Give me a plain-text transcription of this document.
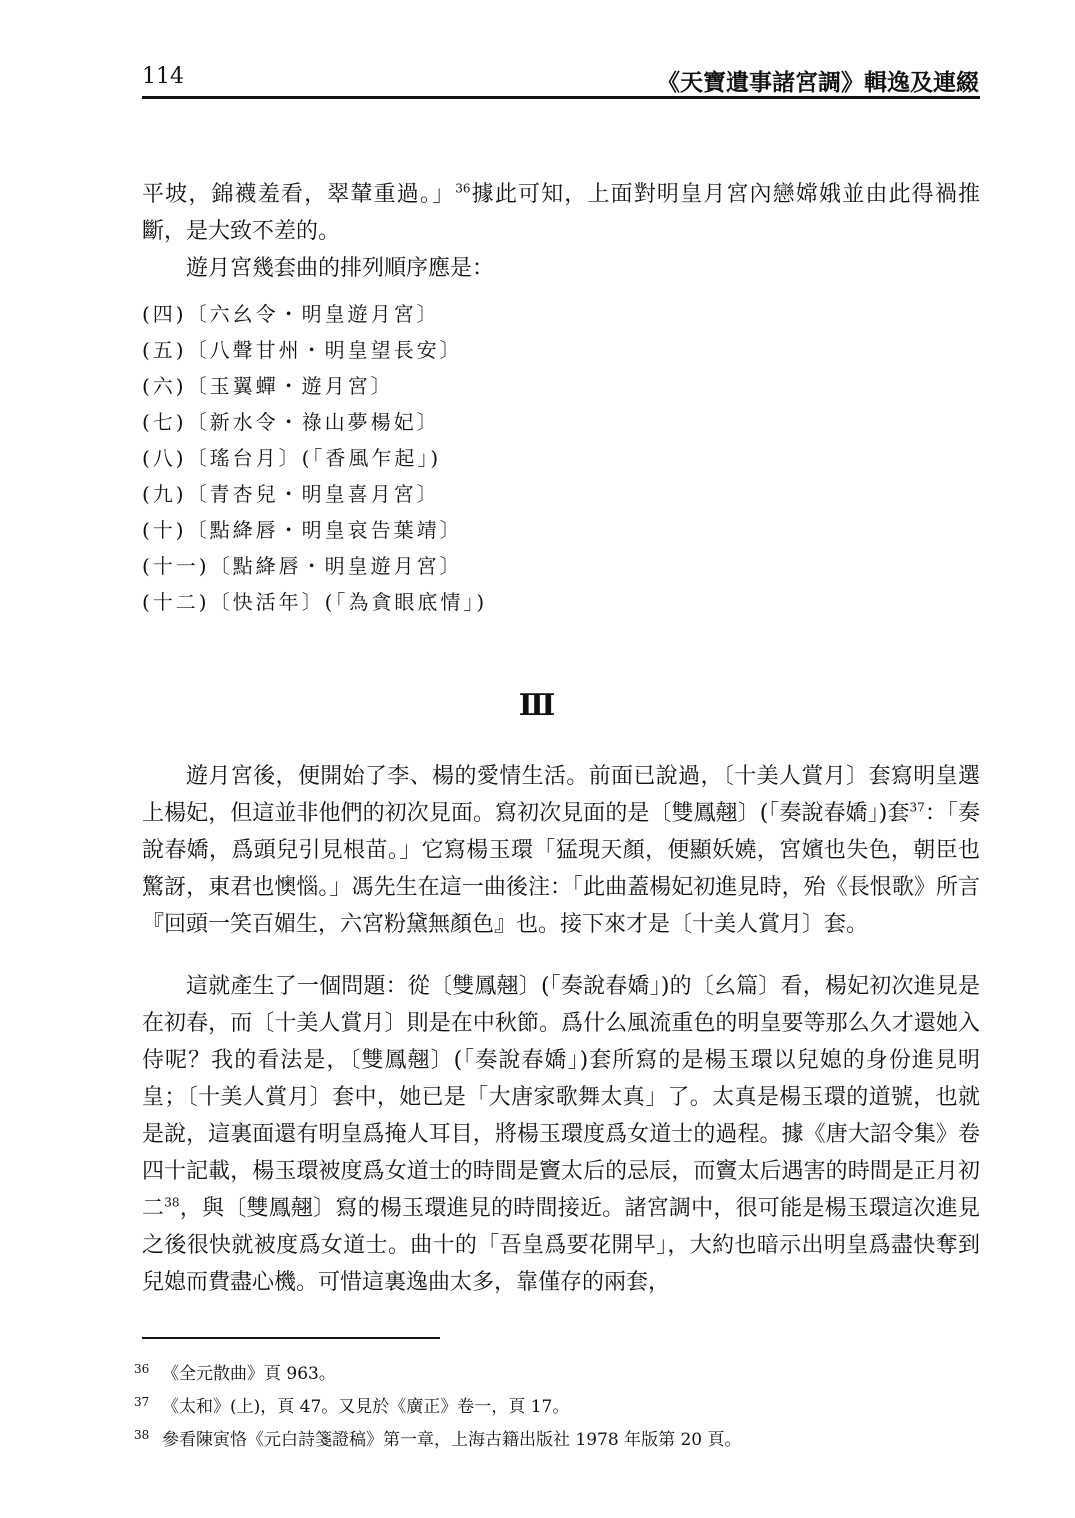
114	《天寶遺事諸宮調》輯逸及連綴

平坡，錦襪羞看，翠輦重過。」$^{36}$據此可知，上面對明皇月宮內戀嫦娥並由此得禍推斷，是大致不差的。

遊月宮幾套曲的排列順序應是：

(四)〔六幺令・明皇遊月宮〕
(五)〔八聲甘州・明皇望長安〕
(六)〔玉翼蟬・遊月宮〕
(七)〔新水令・祿山夢楊妃〕
(八)〔瑤台月〕(「香風乍起」)
(九)〔青杏兒・明皇喜月宮〕
(十)〔點絳唇・明皇哀告葉靖〕
(十一)〔點絳唇・明皇遊月宮〕
(十二)〔快活年〕(「為貪眼底情」)
Ⅲ

遊月宮後，便開始了李、楊的愛情生活。前面已說過，〔十美人賞月〕套寫明皇選上楊妃，但這並非他們的初次見面。寫初次見面的是〔雙鳳翹〕(「奏說春嬌」)套$^{37}$：「奏說春嬌，爲頭兒引見根苗。」它寫楊玉環「猛現天顏，便顯妖嬈，宮嬪也失色，朝臣也驚訝，東君也懊惱。」馮先生在這一曲後注：「此曲蓋楊妃初進見時，殆《長恨歌》所言『回頭一笑百媚生，六宮粉黛無顏色』也。接下來才是〔十美人賞月〕套。

這就產生了一個問題：從〔雙鳳翹〕(「奏說春嬌」)的〔幺篇〕看，楊妃初次進見是在初春，而〔十美人賞月〕則是在中秋節。爲什么風流重色的明皇要等那么久才還她入侍呢？我的看法是，〔雙鳳翹〕(「奏說春嬌」)套所寫的是楊玉環以兒媳的身份進見明皇；〔十美人賞月〕套中，她已是「大唐家歌舞太真」了。太真是楊玉環的道號，也就是說，這裏面還有明皇爲掩人耳目，將楊玉環度爲女道士的過程。據《唐大詔令集》卷四十記載，楊玉環被度爲女道士的時間是竇太后的忌辰，而竇太后遇害的時間是正月初二$^{38}$，與〔雙鳳翹〕寫的楊玉環進見的時間接近。諸宮調中，很可能是楊玉環這次進見之後很快就被度爲女道士。曲十的「吾皇爲要花開早」，大約也暗示出明皇爲盡快奪到兒媳而費盡心機。可惜這裏逸曲太多，靠僅存的兩套，

36 《全元散曲》頁 963。
37 《太和》(上)，頁 47。又見於《廣正》卷一，頁 17。
38 參看陳寅恪《元白詩箋證稿》第一章，上海古籍出版社 1978 年版第 20 頁。
